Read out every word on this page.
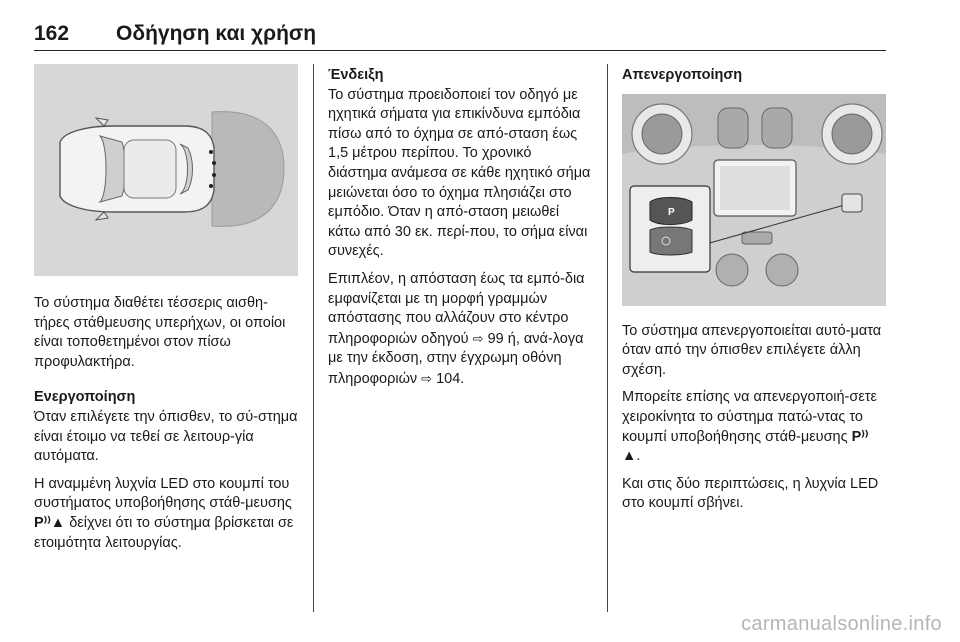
162 Οδήγηση και χρήση

Το σύστημα διαθέτει τέσσερις αισθη-τήρες στάθμευσης υπερήχων, οι οποίοι είναι τοποθετημένοι στον πίσω προφυλακτήρα.

Ενεργοποίηση

Όταν επιλέγετε την όπισθεν, το σύ-στημα είναι έτοιμο να τεθεί σε λειτουρ-γία αυτόματα.

Η αναμμένη λυχνία LED στο κουμπί του συστήματος υποβοήθησης στάθ-μευσης P⁾⁾▲ δείχνει ότι το σύστημα βρίσκεται σε ετοιμότητα λειτουργίας.

Ένδειξη

Το σύστημα προειδοποιεί τον οδηγό με ηχητικά σήματα για επικίνδυνα εμπόδια πίσω από το όχημα σε από-σταση έως 1,5 μέτρου περίπου. Το χρονικό διάστημα ανάμεσα σε κάθε ηχητικό σήμα μειώνεται όσο το όχημα πλησιάζει στο εμπόδιο. Όταν η από-σταση μειωθεί κάτω από 30 εκ. περί-που, το σήμα είναι συνεχές.

Επιπλέον, η απόσταση έως τα εμπό-δια εμφανίζεται με τη μορφή γραμμών απόστασης που αλλάζουν στο κέντρο πληροφοριών οδηγού ⇨ 99 ή, ανά-λογα με την έκδοση, στην έγχρωμη οθόνη πληροφοριών ⇨ 104.

Απενεργοποίηση
P

Το σύστημα απενεργοποιείται αυτό-ματα όταν από την όπισθεν επιλέγετε άλλη σχέση.

Μπορείτε επίσης να απενεργοποιή-σετε χειροκίνητα το σύστημα πατώ-ντας το κουμπί υποβοήθησης στάθ-μευσης P⁾⁾▲.

Και στις δύο περιπτώσεις, η λυχνία LED στο κουμπί σβήνει.

carmanualsonline.info
